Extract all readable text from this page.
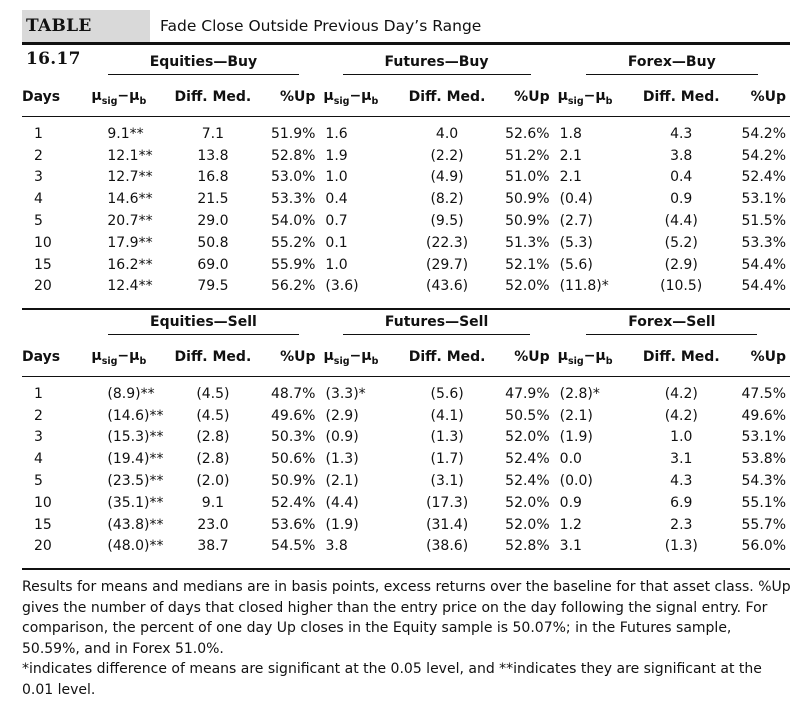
TABLE 16.17
Fade Close Outside Previous Day’s Range
	Equities—Buy			Futures—Buy			Forex—Buy		
Days	$\mu_{sig}-\mu_b$	Diff. Med.	%Up	$\mu_{sig}-\mu_b$	Diff. Med.	%Up	$\mu_{sig}-\mu_b$	Diff. Med.	%Up

1	9.1**	7.1	51.9%	1.6	4.0	52.6%	1.8	4.3	54.2%
2	12.1**	13.8	52.8%	1.9	(2.2)	51.2%	2.1	3.8	54.2%
3	12.7**	16.8	53.0%	1.0	(4.9)	51.0%	2.1	0.4	52.4%
4	14.6**	21.5	53.3%	0.4	(8.2)	50.9%	(0.4)	0.9	53.1%
5	20.7**	29.0	54.0%	0.7	(9.5)	50.9%	(2.7)	(4.4)	51.5%
10	17.9**	50.8	55.2%	0.1	(22.3)	51.3%	(5.3)	(5.2)	53.3%
15	16.2**	69.0	55.9%	1.0	(29.7)	52.1%	(5.6)	(2.9)	54.4%
20	12.4**	79.5	56.2%	(3.6)	(43.6)	52.0%	(11.8)*	(10.5)	54.4%
	Equities—Sell			Futures—Sell			Forex—Sell		
Days	$\mu_{sig}-\mu_b$	Diff. Med.	%Up	$\mu_{sig}-\mu_b$	Diff. Med.	%Up	$\mu_{sig}-\mu_b$	Diff. Med.	%Up

1	(8.9)**	(4.5)	48.7%	(3.3)*	(5.6)	47.9%	(2.8)*	(4.2)	47.5%
2	(14.6)**	(4.5)	49.6%	(2.9)	(4.1)	50.5%	(2.1)	(4.2)	49.6%
3	(15.3)**	(2.8)	50.3%	(0.9)	(1.3)	52.0%	(1.9)	1.0	53.1%
4	(19.4)**	(2.8)	50.6%	(1.3)	(1.7)	52.4%	0.0	3.1	53.8%
5	(23.5)**	(2.0)	50.9%	(2.1)	(3.1)	52.4%	(0.0)	4.3	54.3%
10	(35.1)**	9.1	52.4%	(4.4)	(17.3)	52.0%	0.9	6.9	55.1%
15	(43.8)**	23.0	53.6%	(1.9)	(31.4)	52.0%	1.2	2.3	55.7%
20	(48.0)**	38.7	54.5%	3.8	(38.6)	52.8%	3.1	(1.3)	56.0%

Results for means and medians are in basis points, excess returns over the baseline for that asset class. %Up gives the number of days that closed higher than the entry price on the day following the signal entry. For comparison, the percent of one day Up closes in the Equity sample is 50.07%; in the Futures sample, 50.59%, and in Forex 51.0%.

*indicates difference of means are significant at the 0.05 level, and **indicates they are significant at the 0.01 level.
